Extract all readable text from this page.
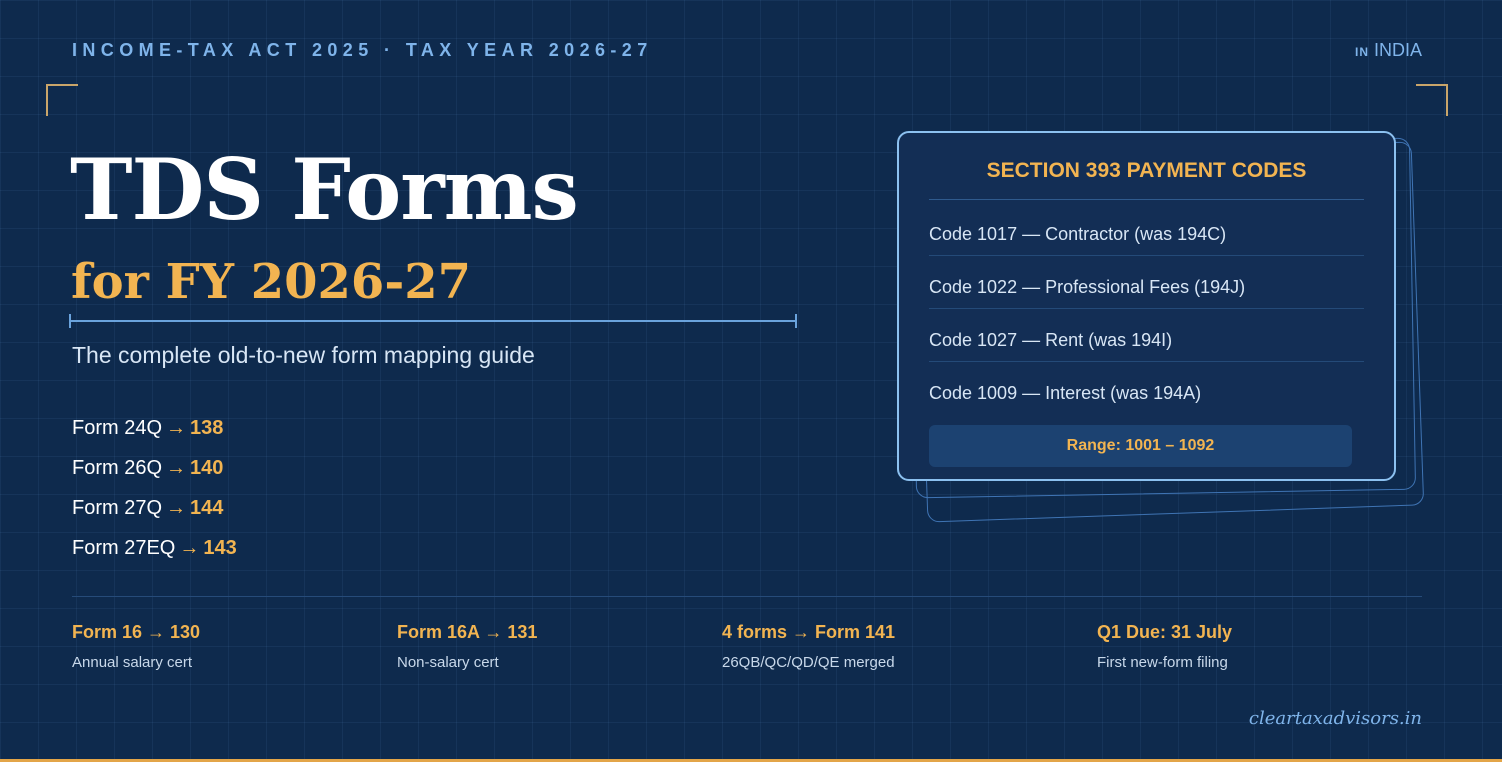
INCOME-TAX ACT 2025 · TAX YEAR 2026-27	IN INDIA
TDS Forms
for FY 2026-27
The complete old-to-new form mapping guide
Form 24Q → 138
Form 26Q → 140
Form 27Q → 144
Form 27EQ → 143
SECTION 393 PAYMENT CODES
Code 1017 — Contractor (was 194C)
Code 1022 — Professional Fees (194J)
Code 1027 — Rent (was 194I)
Code 1009 — Interest (was 194A)
Range: 1001 – 1092
Form 16 → 130
Annual salary cert
Form 16A → 131
Non-salary cert
4 forms → Form 141
26QB/QC/QD/QE merged
Q1 Due: 31 July
First new-form filing
cleartaxadvisors.in
